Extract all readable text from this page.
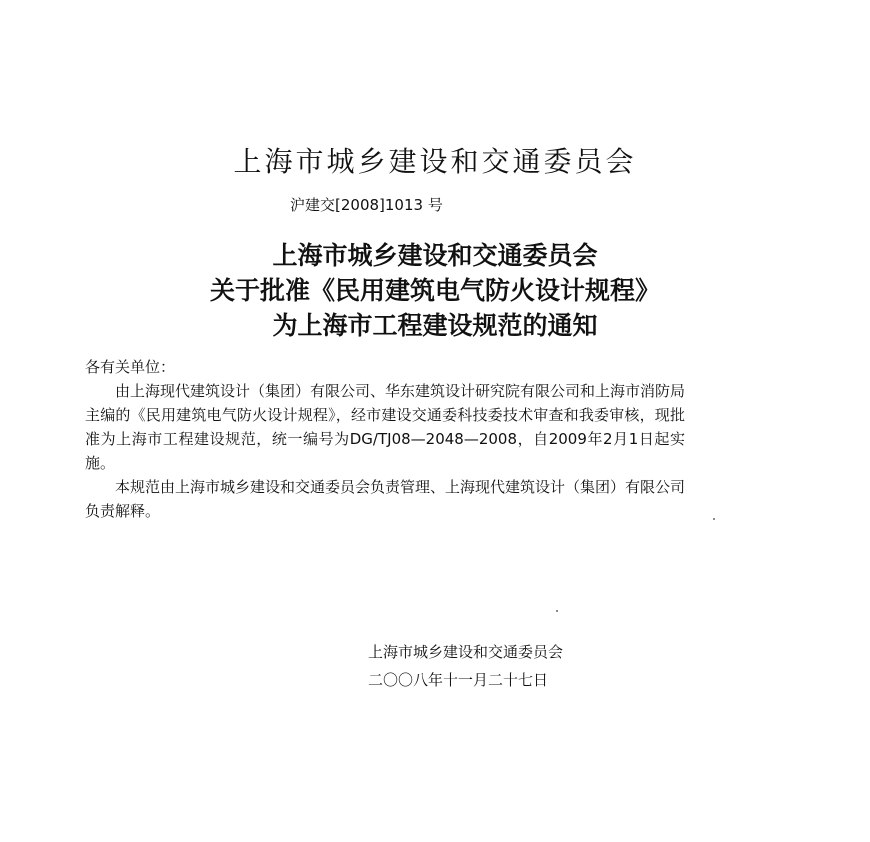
上海市城乡建设和交通委员会
沪建交[2008]1013 号
上海市城乡建设和交通委员会
关于批准《民用建筑电气防火设计规程》
为上海市工程建设规范的通知
各有关单位：
由上海现代建筑设计（集团）有限公司、华东建筑设计研究院有限公司和上海市消防局主编的《民用建筑电气防火设计规程》，经市建设交通委科技委技术审查和我委审核，现批准为上海市工程建设规范，统一编号为DG/TJ08—2048—2008，自2009年2月1日起实施。
本规范由上海市城乡建设和交通委员会负责管理、上海现代建筑设计（集团）有限公司负责解释。
上海市城乡建设和交通委员会
二〇〇八年十一月二十七日
